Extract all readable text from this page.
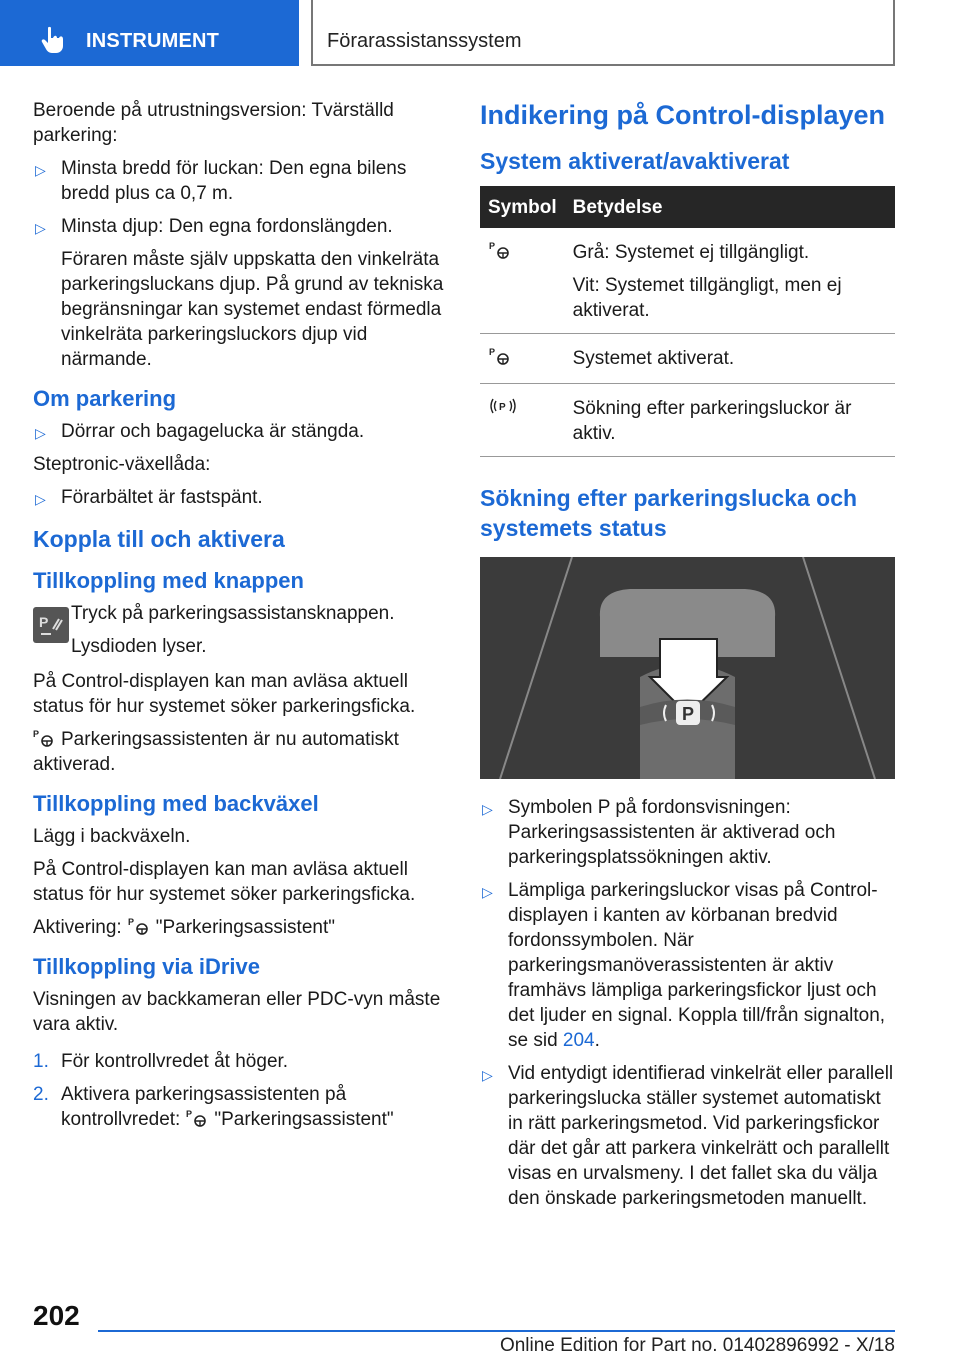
INSTRUMENT	Förarassistanssystem
Beroende på utrustningsversion: Tvärställd parkering:
▷ Minsta bredd för luckan: Den egna bilens bredd plus ca 0,7 m.
▷ Minsta djup: Den egna fordonslängden.
Föraren måste själv uppskatta den vinkelräta parkeringsluckans djup. På grund av tekniska begränsningar kan systemet endast förmedla vinkelräta parkeringsluckors djup vid närmande.
Om parkering
▷ Dörrar och bagagelucka är stängda.
Steptronic-växellåda:
▷ Förarbältet är fastspänt.
Koppla till och aktivera
Tillkoppling med knappen
P Tryck på parkeringsassistansknappen.
Lysdioden lyser.
På Control-displayen kan man avläsa aktuell status för hur systemet söker parkeringsficka.
P Parkeringsassistenten är nu automatiskt aktiverad.
Tillkoppling med backväxel
Lägg i backväxeln.
På Control-displayen kan man avläsa aktuell status för hur systemet söker parkeringsficka.
Aktivering: P "Parkeringsassistent"
Tillkoppling via iDrive
Visningen av backkameran eller PDC-vyn måste vara aktiv.
1. För kontrollvredet åt höger.
2. Aktivera parkeringsassistenten på kontrollvredet: P "Parkeringsassistent"
Indikering på Control-displayen
System aktiverat/avaktiverat
Symbol	Betydelse

P	Grå: Systemet ej tillgängligt.
Vit: Systemet tillgängligt, men ej aktiverat.

P	Systemet aktiverat.

P	Sökning efter parkeringsluckor är aktiv.
Sökning efter parkeringslucka och systemets status
P
▷ Symbolen P på fordonsvisningen: Parkeringsassistenten är aktiverad och parkeringsplatssökningen aktiv.
▷ Lämpliga parkeringsluckor visas på Control-displayen i kanten av körbanan bredvid fordonssymbolen. När parkeringsmanöverassistenten är aktiv framhävs lämpliga parkeringsfickor ljust och det ljuder en signal. Koppla till/från signalton, se sid 204.
▷ Vid entydigt identifierad vinkelrät eller parallell parkeringslucka ställer systemet automatiskt in rätt parkeringsmetod. Vid parkeringsfickor där det går att parkera vinkelrätt och parallellt visas en urvalsmeny. I det fallet ska du välja den önskade parkeringsmetoden manuellt.
202
Online Edition for Part no. 01402896992 - X/18
